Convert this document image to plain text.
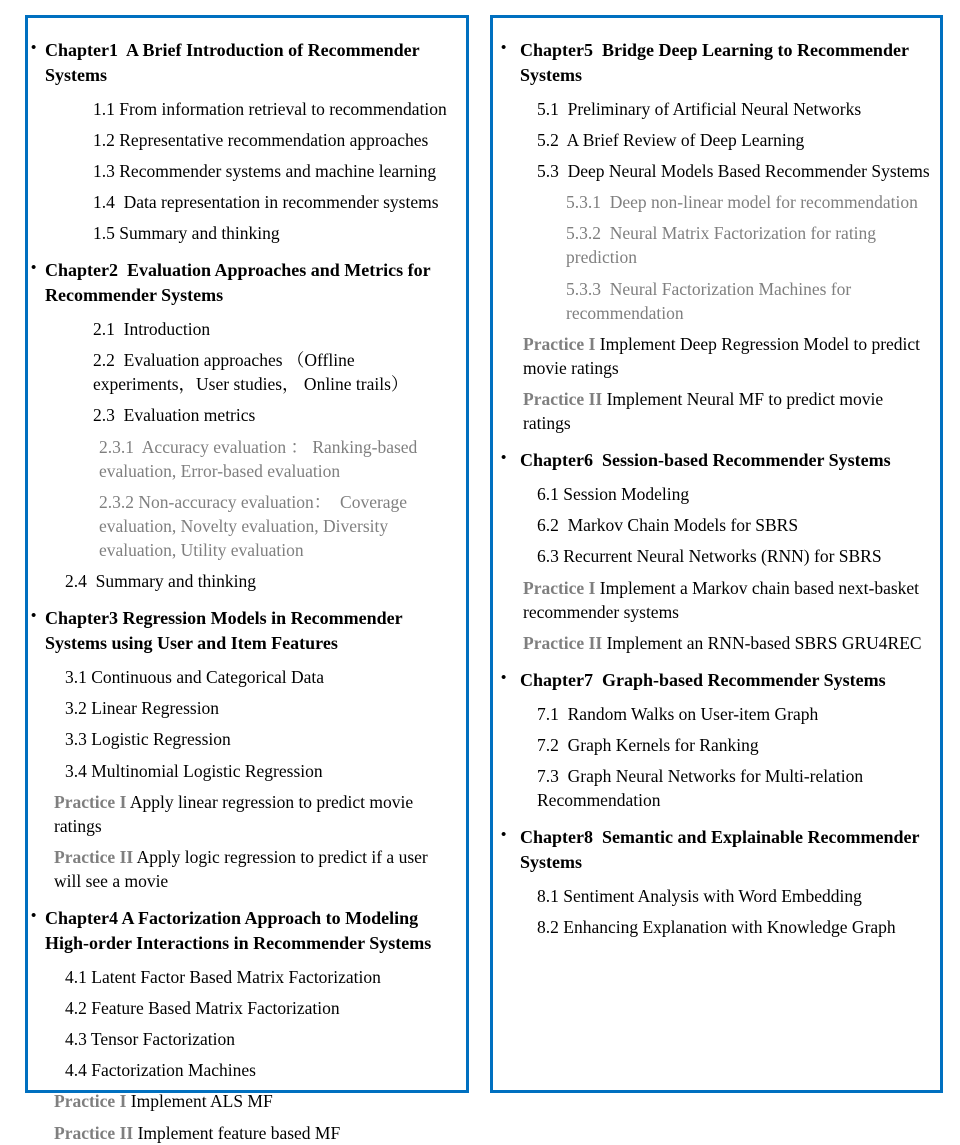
• Chapter1  A Brief Introduction of Recommender Systems
1.1 From information retrieval to recommendation
1.2 Representative recommendation approaches
1.3 Recommender systems and machine learning
1.4  Data representation in recommender systems
1.5 Summary and thinking
• Chapter2  Evaluation Approaches and Metrics for Recommender Systems
2.1  Introduction
2.2  Evaluation approaches （Offline experiments，User studies， Online trails）
2.3  Evaluation metrics
2.3.1  Accuracy evaluation ： Ranking-based evaluation, Error-based evaluation
2.3.2 Non-accuracy evaluation：  Coverage evaluation, Novelty evaluation, Diversity evaluation, Utility evaluation
2.4  Summary and thinking
• Chapter3 Regression Models in Recommender Systems using User and Item Features
3.1 Continuous and Categorical Data
3.2 Linear Regression
3.3 Logistic Regression
3.4 Multinomial Logistic Regression
Practice I Apply linear regression to predict movie ratings
Practice II Apply logic regression to predict if a user will see a movie
• Chapter4 A Factorization Approach to Modeling High-order Interactions in Recommender Systems
4.1 Latent Factor Based Matrix Factorization
4.2 Feature Based Matrix Factorization
4.3 Tensor Factorization
4.4 Factorization Machines
Practice I Implement ALS MF
Practice II Implement feature based MF
• Chapter5  Bridge Deep Learning to Recommender Systems
5.1  Preliminary of Artificial Neural Networks
5.2  A Brief Review of Deep Learning
5.3  Deep Neural Models Based Recommender Systems
5.3.1  Deep non-linear model for recommendation
5.3.2  Neural Matrix Factorization for rating prediction
5.3.3  Neural Factorization Machines for recommendation
Practice I Implement Deep Regression Model to predict movie ratings
Practice II Implement Neural MF to predict movie ratings
• Chapter6  Session-based Recommender Systems
6.1 Session Modeling
6.2  Markov Chain Models for SBRS
6.3 Recurrent Neural Networks (RNN) for SBRS
Practice I Implement a Markov chain based next-basket recommender systems
Practice II Implement an RNN-based SBRS GRU4REC
• Chapter7  Graph-based Recommender Systems
7.1  Random Walks on User-item Graph
7.2  Graph Kernels for Ranking
7.3  Graph Neural Networks for Multi-relation Recommendation
• Chapter8  Semantic and Explainable Recommender Systems
8.1 Sentiment Analysis with Word Embedding
8.2 Enhancing Explanation with Knowledge Graph
